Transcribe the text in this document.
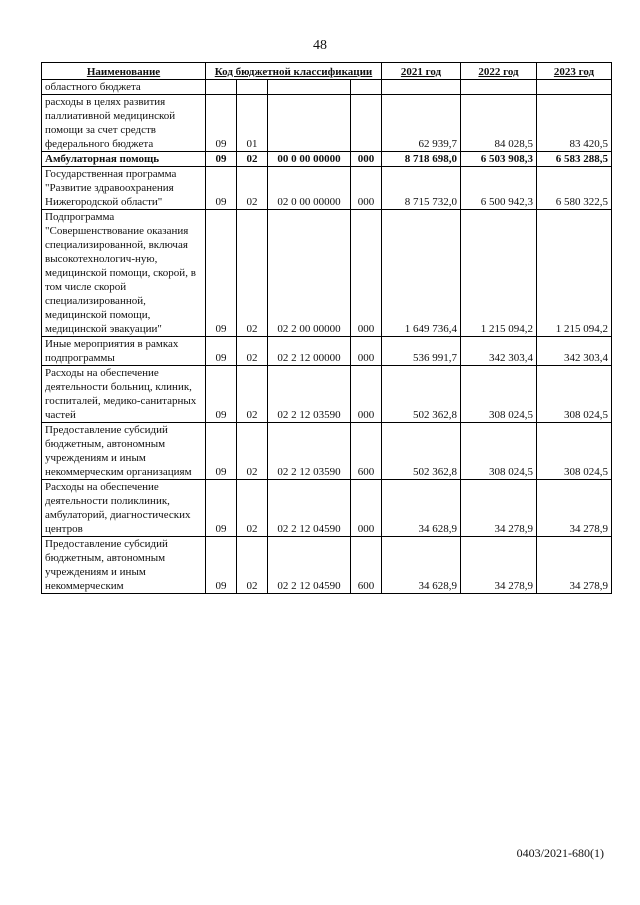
48
Наименование	Код бюджетной классификации				2021 год	2022 год	2023 год
областного бюджета							
расходы в целях развития паллиативной медицинской помощи за счет средств федерального бюджета	09	01			62 939,7	84 028,5	83 420,5
Амбулаторная помощь	09	02	00 0 00 00000	000	8 718 698,0	6 503 908,3	6 583 288,5
Государственная программа "Развитие здравоохранения Нижегородской области"	09	02	02 0 00 00000	000	8 715 732,0	6 500 942,3	6 580 322,5
Подпрограмма "Совершенствование оказания специализированной, включая высокотехнологич-ную, медицинской помощи, скорой, в том числе скорой специализированной, медицинской помощи, медицинской эвакуации"	09	02	02 2 00 00000	000	1 649 736,4	1 215 094,2	1 215 094,2
Иные мероприятия в рамках подпрограммы	09	02	02 2 12 00000	000	536 991,7	342 303,4	342 303,4
Расходы на обеспечение деятельности больниц, клиник, госпиталей, медико-санитарных частей	09	02	02 2 12 03590	000	502 362,8	308 024,5	308 024,5
Предоставление субсидий бюджетным, автономным учреждениям и иным некоммерческим организациям	09	02	02 2 12 03590	600	502 362,8	308 024,5	308 024,5
Расходы на обеспечение деятельности поликлиник, амбулаторий, диагностических центров	09	02	02 2 12 04590	000	34 628,9	34 278,9	34 278,9
Предоставление субсидий бюджетным, автономным учреждениям и иным некоммерческим	09	02	02 2 12 04590	600	34 628,9	34 278,9	34 278,9
0403/2021-680(1)
